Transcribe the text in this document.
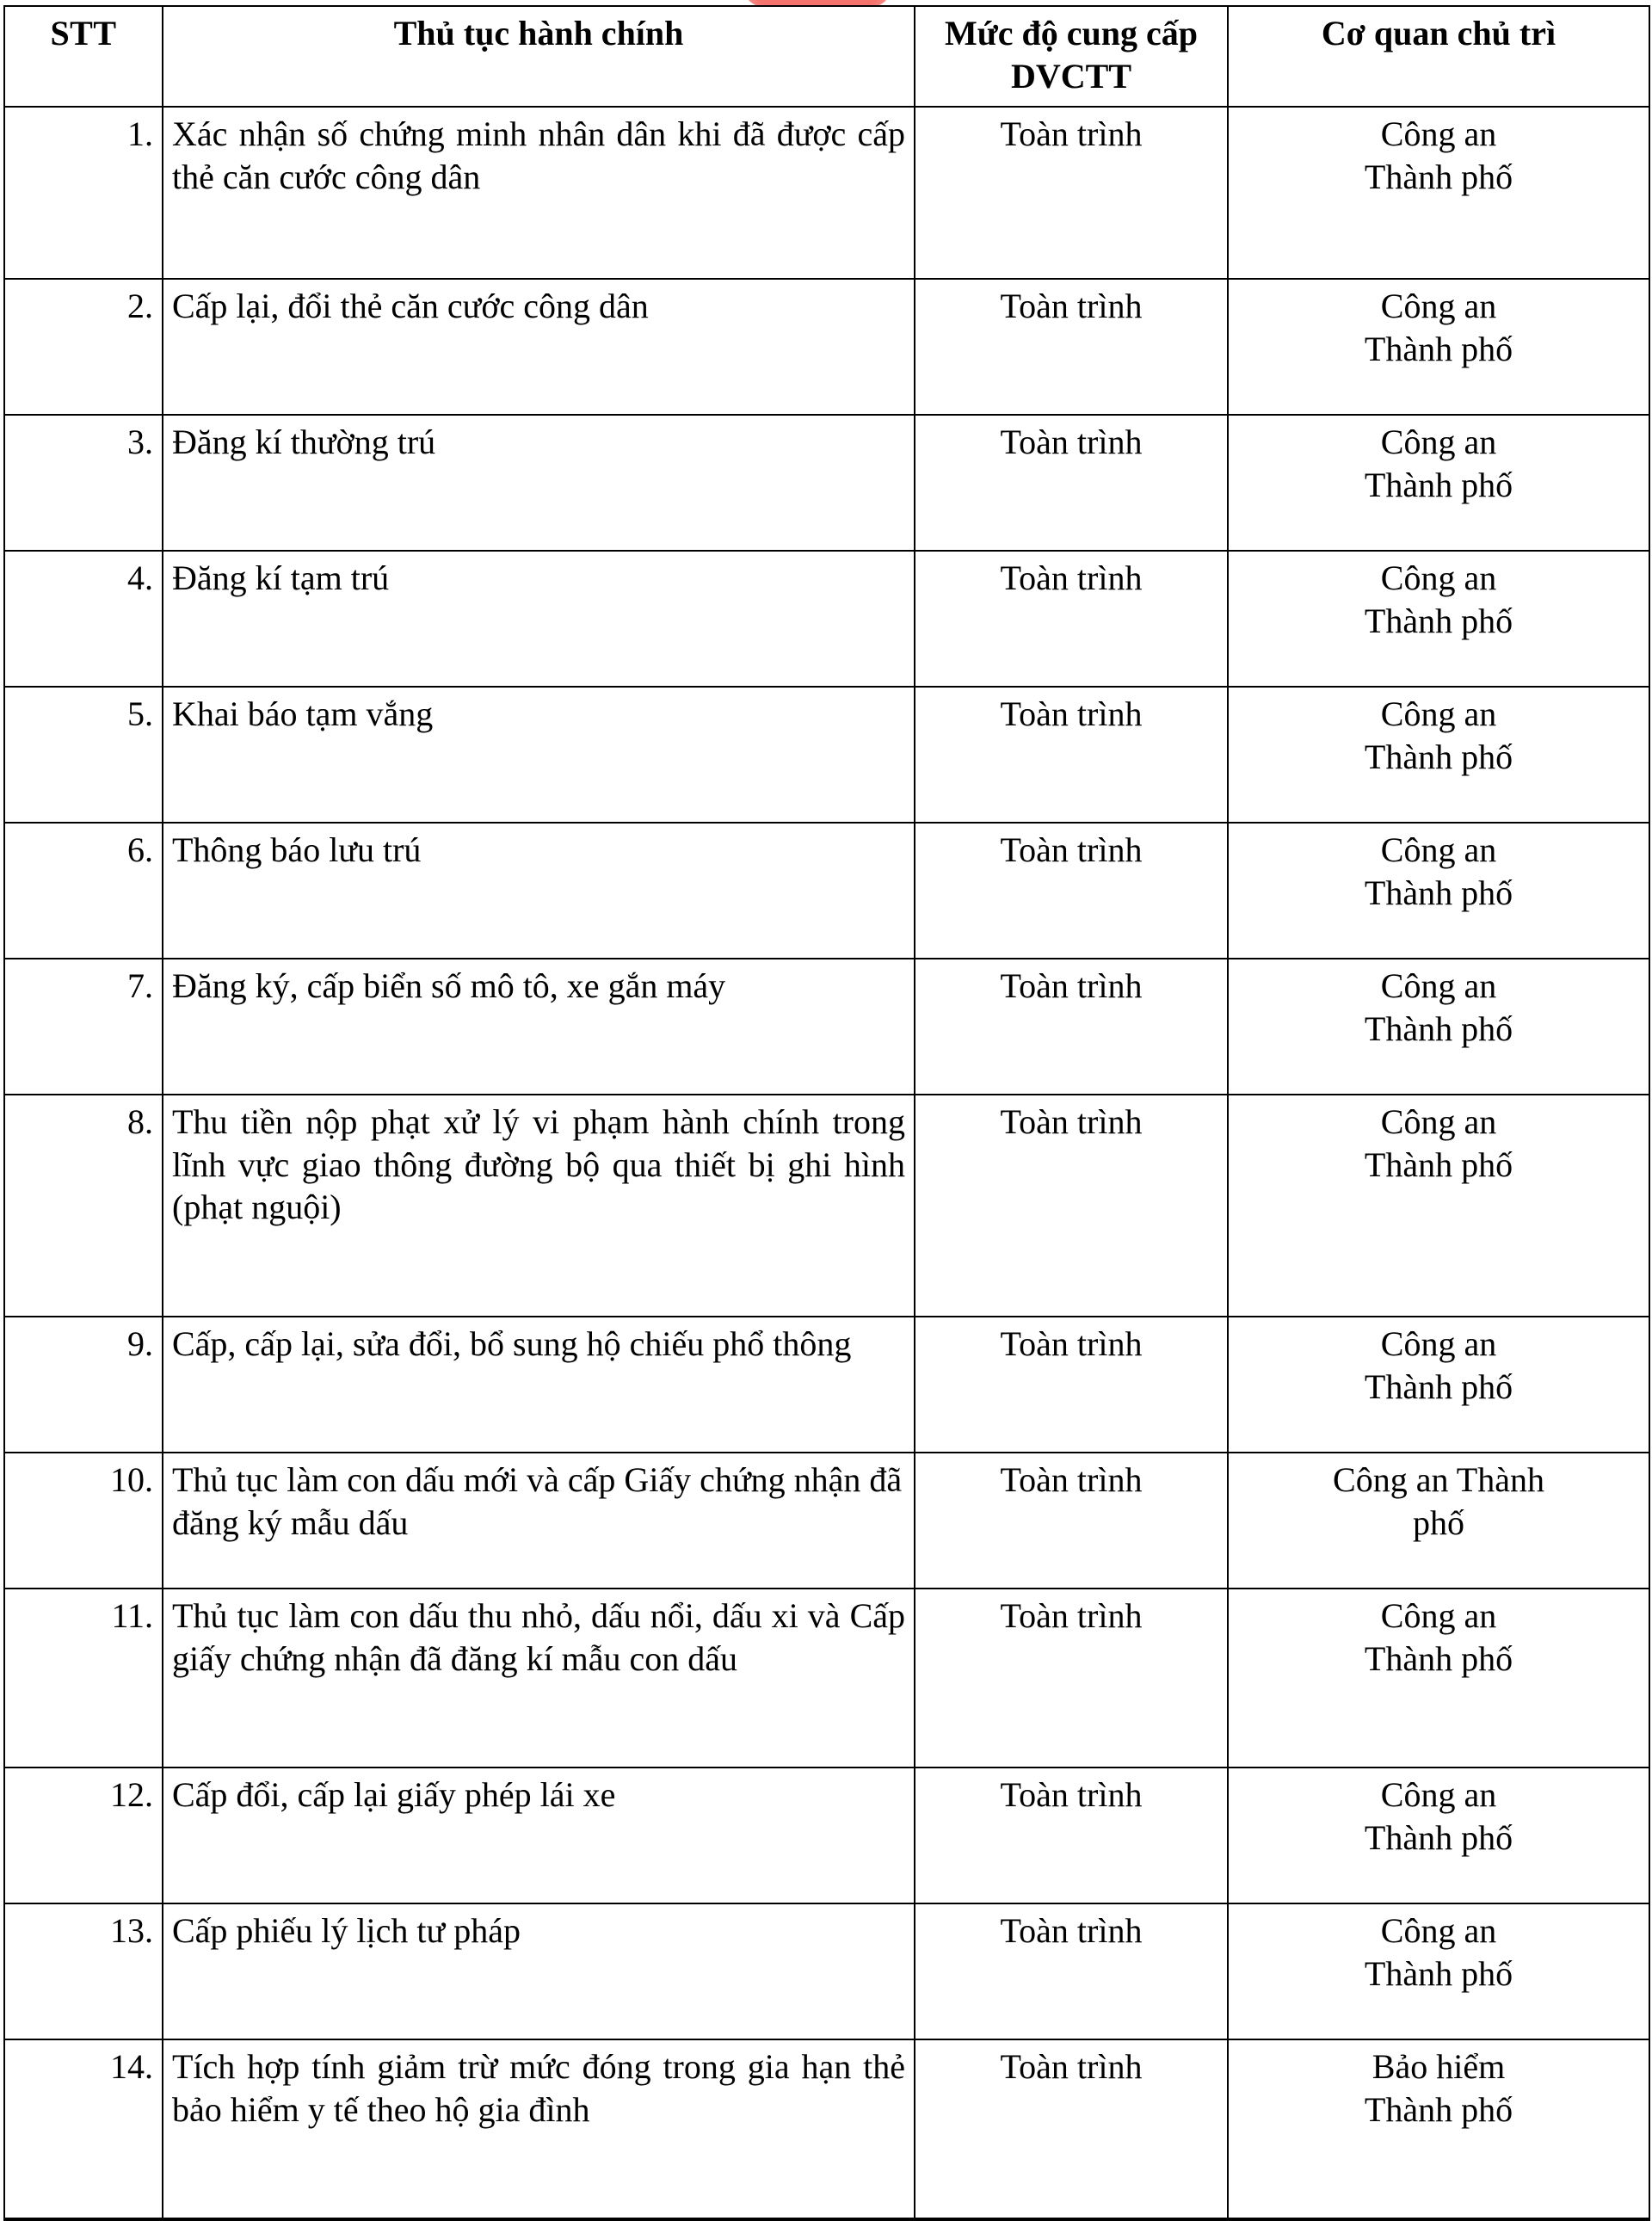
STT	Thủ tục hành chính	Mức độ cung cấp DVCTT	Cơ quan chủ trì
1.	Xác nhận số chứng minh nhân dân khi đã được cấp thẻ căn cước công dân	Toàn trình	Công an
Thành phố

2.	Cấp lại, đổi thẻ căn cước công dân	Toàn trình	Công an
Thành phố

3.	Đăng kí thường trú	Toàn trình	Công an
Thành phố

4.	Đăng kí tạm trú	Toàn trình	Công an
Thành phố

5.	Khai báo tạm vắng	Toàn trình	Công an
Thành phố

6.	Thông báo lưu trú	Toàn trình	Công an
Thành phố

7.	Đăng ký, cấp biển số mô tô, xe gắn máy	Toàn trình	Công an
Thành phố

8.	Thu tiền nộp phạt xử lý vi phạm hành chính trong lĩnh vực giao thông đường bộ qua thiết bị ghi hình (phạt nguội)	Toàn trình	Công an
Thành phố

9.	Cấp, cấp lại, sửa đổi, bổ sung hộ chiếu phổ thông	Toàn trình	Công an
Thành phố

10.	Thủ tục làm con dấu mới và cấp Giấy chứng nhận đã đăng ký mẫu dấu	Toàn trình	Công an Thành
phố

11.	Thủ tục làm con dấu thu nhỏ, dấu nổi, dấu xi và Cấp giấy chứng nhận đã đăng kí mẫu con dấu	Toàn trình	Công an
Thành phố

12.	Cấp đổi, cấp lại giấy phép lái xe	Toàn trình	Công an
Thành phố

13.	Cấp phiếu lý lịch tư pháp	Toàn trình	Công an
Thành phố

14.	Tích hợp tính giảm trừ mức đóng trong gia hạn thẻ bảo hiểm y tế theo hộ gia đình	Toàn trình	Bảo hiểm
Thành phố
